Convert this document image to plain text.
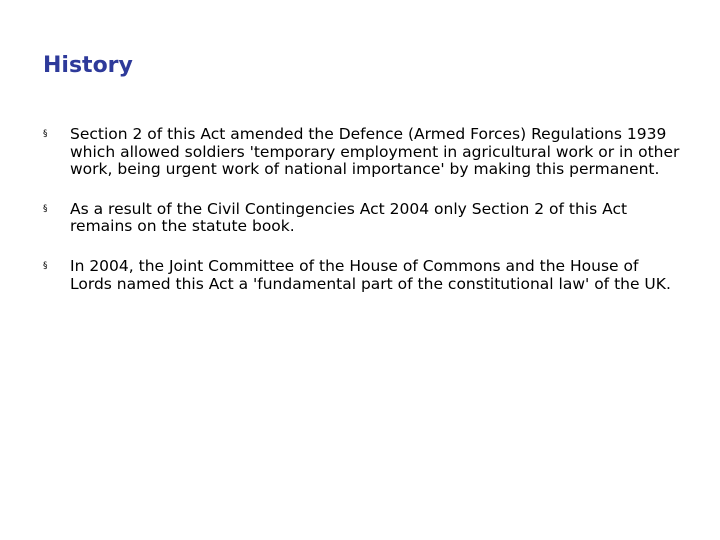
History
§ Section 2 of this Act amended the Defence (Armed Forces) Regulations 1939 which allowed soldiers 'temporary employment in agricultural work or in other work, being urgent work of national importance' by making this permanent.
§ As a result of the Civil Contingencies Act 2004 only Section 2 of this Act remains on the statute book.
§ In 2004, the Joint Committee of the House of Commons and the House of Lords named this Act a 'fundamental part of the constitutional law' of the UK.
